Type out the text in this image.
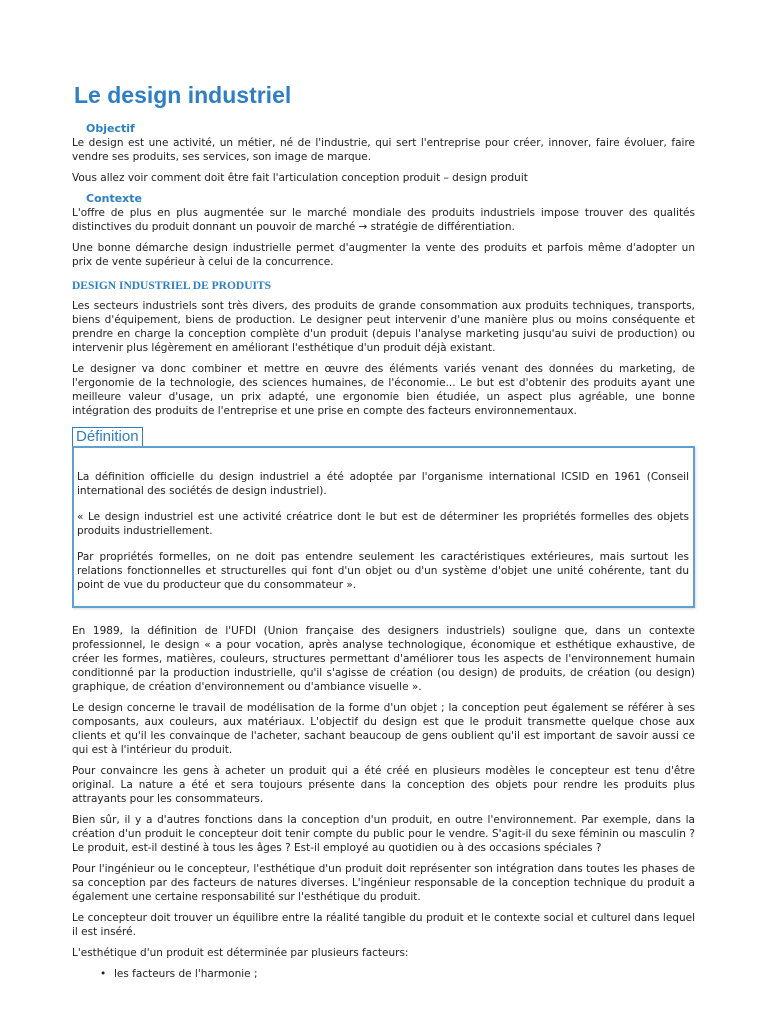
Le design industriel
Objectif

Le design est une activité, un métier, né de l'industrie, qui sert l'entreprise pour créer, innover, faire évoluer, faire vendre ses produits, ses services, son image de marque.

Vous allez voir comment doit être fait l'articulation conception produit – design produit

Contexte

L'offre de plus en plus augmentée sur le marché mondiale des produits industriels impose trouver des qualités distinctives du produit donnant un pouvoir de marché → stratégie de différentiation.

Une bonne démarche design industrielle permet d'augmenter la vente des produits et parfois même d'adopter un prix de vente supérieur à celui de la concurrence.

DESIGN INDUSTRIEL DE PRODUITS

Les secteurs industriels sont très divers, des produits de grande consommation aux produits techniques, transports, biens d'équipement, biens de production. Le designer peut intervenir d'une manière plus ou moins conséquente et prendre en charge la conception complète d'un produit (depuis l'analyse marketing jusqu'au suivi de production) ou intervenir plus légèrement en améliorant l'esthétique d'un produit déjà existant.

Le designer va donc combiner et mettre en œuvre des éléments variés venant des données du marketing, de l'ergonomie de la technologie, des sciences humaines, de l'économie... Le but est d'obtenir des produits ayant une meilleure valeur d'usage, un prix adapté, une ergonomie bien étudiée, un aspect plus agréable, une bonne intégration des produits de l'entreprise et une prise en compte des facteurs environnementaux.

Définition

La définition officielle du design industriel a été adoptée par l'organisme international ICSID en 1961 (Conseil international des sociétés de design industriel).

« Le design industriel est une activité créatrice dont le but est de déterminer les propriétés formelles des objets produits industriellement.

Par propriétés formelles, on ne doit pas entendre seulement les caractéristiques extérieures, mais surtout les relations fonctionnelles et structurelles qui font d'un objet ou d'un système d'objet une unité cohérente, tant du point de vue du producteur que du consommateur ».

En 1989, la définition de l'UFDI (Union française des designers industriels) souligne que, dans un contexte professionnel, le design « a pour vocation, après analyse technologique, économique et esthétique exhaustive, de créer les formes, matières, couleurs, structures permettant d'améliorer tous les aspects de l'environnement humain conditionné par la production industrielle, qu'il s'agisse de création (ou design) de produits, de création (ou design) graphique, de création d'environnement ou d'ambiance visuelle ».

Le design concerne le travail de modélisation de la forme d'un objet ; la conception peut également se référer à ses composants, aux couleurs, aux matériaux. L'objectif du design est que le produit transmette quelque chose aux clients et qu'il les convainque de l'acheter, sachant beaucoup de gens oublient qu'il est important de savoir aussi ce qui est à l'intérieur du produit.

Pour convaincre les gens à acheter un produit qui a été créé en plusieurs modèles le concepteur est tenu d'être original. La nature a été et sera toujours présente dans la conception des objets pour rendre les produits plus attrayants pour les consommateurs.

Bien sûr, il y a d'autres fonctions dans la conception d'un produit, en outre l'environnement. Par exemple, dans la création d'un produit le concepteur doit tenir compte du public pour le vendre. S'agit-il du sexe féminin ou masculin ? Le produit, est-il destiné à tous les âges ? Est-il employé au quotidien ou à des occasions spéciales ?

Pour l'ingénieur ou le concepteur, l'esthétique d'un produit doit représenter son intégration dans toutes les phases de sa conception par des facteurs de natures diverses. L'ingénieur responsable de la conception technique du produit a également une certaine responsabilité sur l'esthétique du produit.

Le concepteur doit trouver un équilibre entre la réalité tangible du produit et le contexte social et culturel dans lequel il est inséré.

L'esthétique d'un produit est déterminée par plusieurs facteurs:

• les facteurs de l'harmonie ;
